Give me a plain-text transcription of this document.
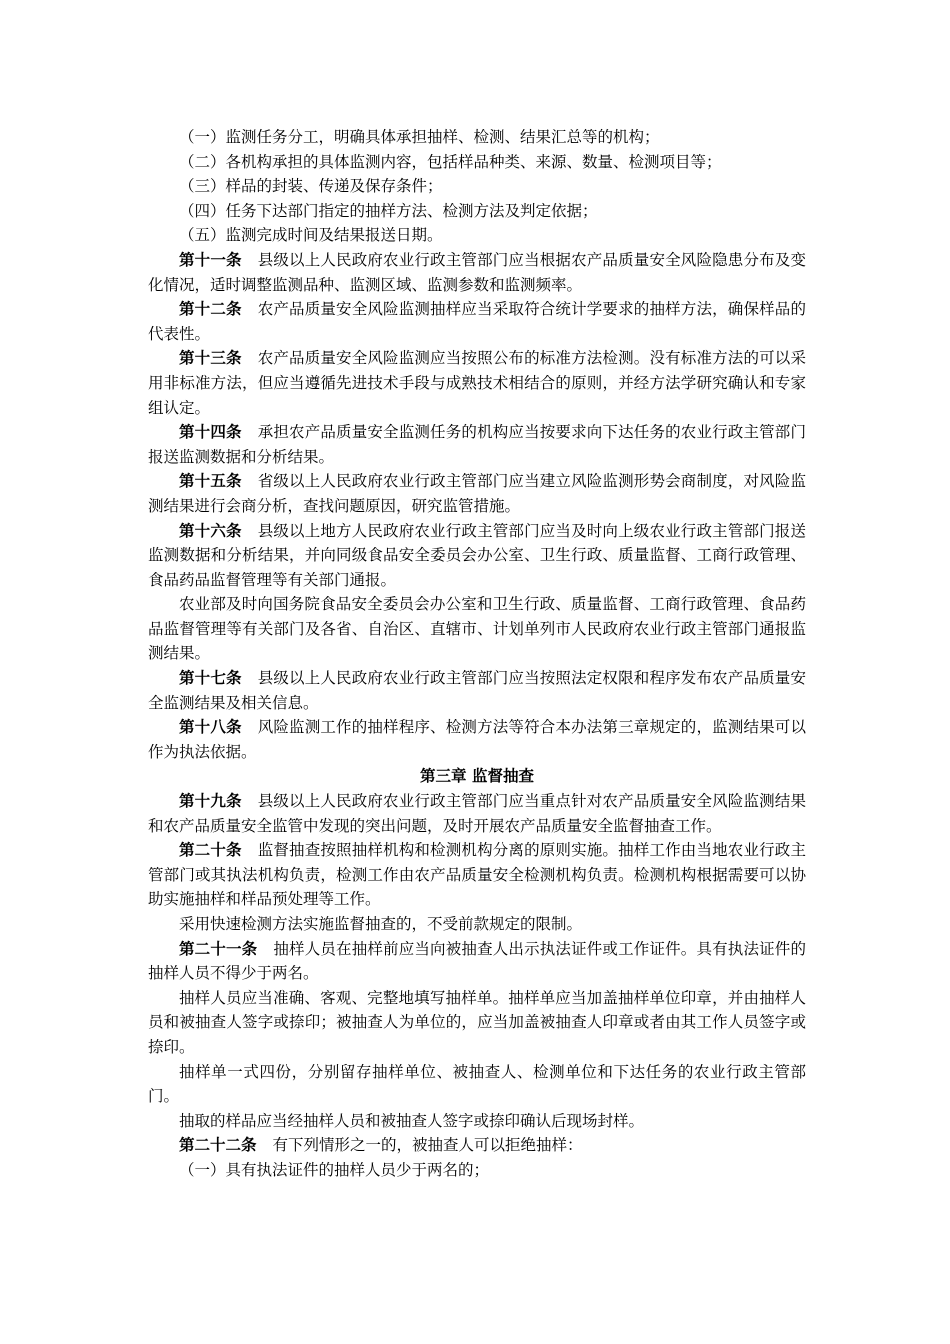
（一）监测任务分工，明确具体承担抽样、检测、结果汇总等的机构；

（二）各机构承担的具体监测内容，包括样品种类、来源、数量、检测项目等；

（三）样品的封装、传递及保存条件；

（四）任务下达部门指定的抽样方法、检测方法及判定依据；

（五）监测完成时间及结果报送日期。

第十一条 县级以上人民政府农业行政主管部门应当根据农产品质量安全风险隐患分布及变化情况，适时调整监测品种、监测区域、监测参数和监测频率。

第十二条 农产品质量安全风险监测抽样应当采取符合统计学要求的抽样方法，确保样品的代表性。

第十三条 农产品质量安全风险监测应当按照公布的标准方法检测。没有标准方法的可以采用非标准方法，但应当遵循先进技术手段与成熟技术相结合的原则，并经方法学研究确认和专家组认定。

第十四条 承担农产品质量安全监测任务的机构应当按要求向下达任务的农业行政主管部门报送监测数据和分析结果。

第十五条 省级以上人民政府农业行政主管部门应当建立风险监测形势会商制度，对风险监测结果进行会商分析，查找问题原因，研究监管措施。

第十六条 县级以上地方人民政府农业行政主管部门应当及时向上级农业行政主管部门报送监测数据和分析结果，并向同级食品安全委员会办公室、卫生行政、质量监督、工商行政管理、食品药品监督管理等有关部门通报。

农业部及时向国务院食品安全委员会办公室和卫生行政、质量监督、工商行政管理、食品药品监督管理等有关部门及各省、自治区、直辖市、计划单列市人民政府农业行政主管部门通报监测结果。

第十七条 县级以上人民政府农业行政主管部门应当按照法定权限和程序发布农产品质量安全监测结果及相关信息。

第十八条 风险监测工作的抽样程序、检测方法等符合本办法第三章规定的，监测结果可以作为执法依据。

第三章 监督抽查

第十九条 县级以上人民政府农业行政主管部门应当重点针对农产品质量安全风险监测结果和农产品质量安全监管中发现的突出问题，及时开展农产品质量安全监督抽查工作。

第二十条 监督抽查按照抽样机构和检测机构分离的原则实施。抽样工作由当地农业行政主管部门或其执法机构负责，检测工作由农产品质量安全检测机构负责。检测机构根据需要可以协助实施抽样和样品预处理等工作。

采用快速检测方法实施监督抽查的，不受前款规定的限制。

第二十一条 抽样人员在抽样前应当向被抽查人出示执法证件或工作证件。具有执法证件的抽样人员不得少于两名。

抽样人员应当准确、客观、完整地填写抽样单。抽样单应当加盖抽样单位印章，并由抽样人员和被抽查人签字或捺印；被抽查人为单位的，应当加盖被抽查人印章或者由其工作人员签字或捺印。

抽样单一式四份，分别留存抽样单位、被抽查人、检测单位和下达任务的农业行政主管部门。

抽取的样品应当经抽样人员和被抽查人签字或捺印确认后现场封样。

第二十二条 有下列情形之一的，被抽查人可以拒绝抽样：

（一）具有执法证件的抽样人员少于两名的；
